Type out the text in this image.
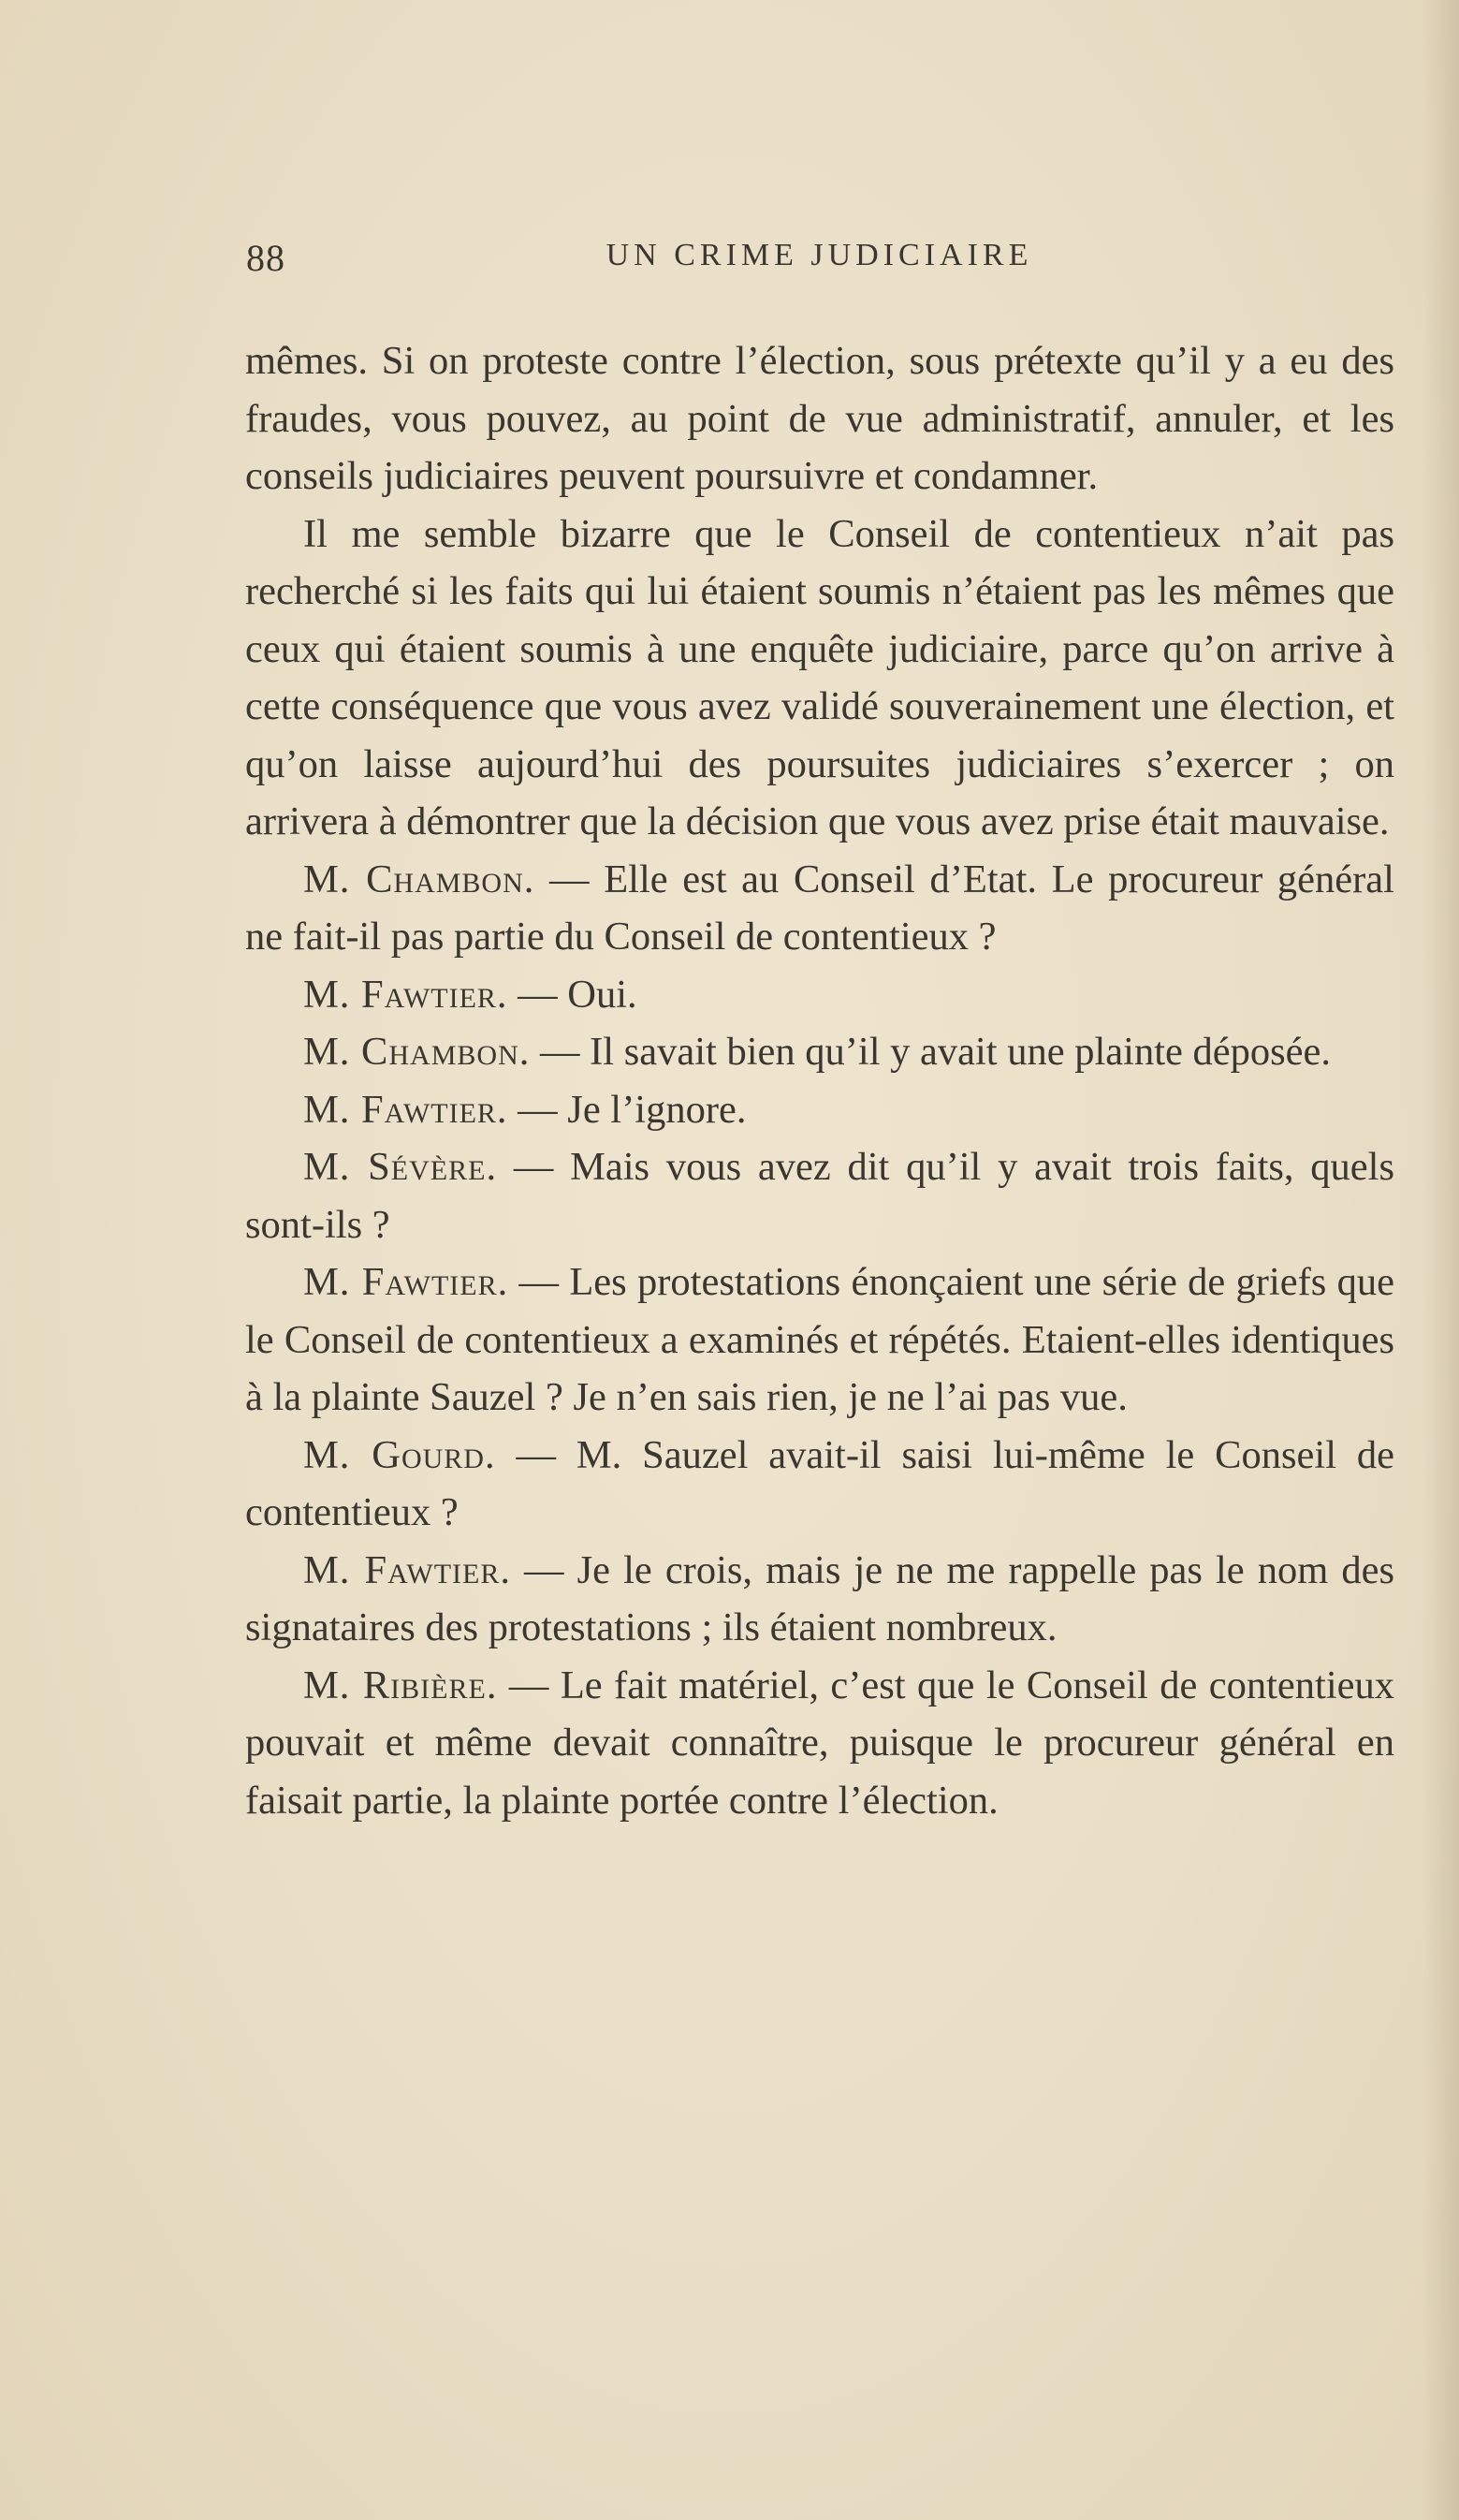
88	UN CRIME JUDICIAIRE

mêmes. Si on proteste contre l’élection, sous prétexte qu’il y a eu des fraudes, vous pouvez, au point de vue administratif, annuler, et les conseils judiciaires peuvent poursuivre et condamner.

Il me semble bizarre que le Conseil de contentieux n’ait pas recherché si les faits qui lui étaient soumis n’étaient pas les mêmes que ceux qui étaient soumis à une enquête judiciaire, parce qu’on arrive à cette conséquence que vous avez validé souverainement une élection, et qu’on laisse aujourd’hui des poursuites judiciaires s’exercer ; on arrivera à démontrer que la décision que vous avez prise était mauvaise.

M. Chambon. — Elle est au Conseil d’Etat. Le procureur général ne fait-il pas partie du Conseil de contentieux ?

M. Fawtier. — Oui.

M. Chambon. — Il savait bien qu’il y avait une plainte déposée.

M. Fawtier. — Je l’ignore.

M. Sévère. — Mais vous avez dit qu’il y avait trois faits, quels sont-ils ?

M. Fawtier. — Les protestations énonçaient une série de griefs que le Conseil de contentieux a examinés et répétés. Etaient-elles identiques à la plainte Sauzel ? Je n’en sais rien, je ne l’ai pas vue.

M. Gourd. — M. Sauzel avait-il saisi lui-même le Conseil de contentieux ?

M. Fawtier. — Je le crois, mais je ne me rappelle pas le nom des signataires des protestations ; ils étaient nombreux.

M. Ribière. — Le fait matériel, c’est que le Conseil de contentieux pouvait et même devait connaître, puisque le procureur général en faisait partie, la plainte portée contre l’élection.
